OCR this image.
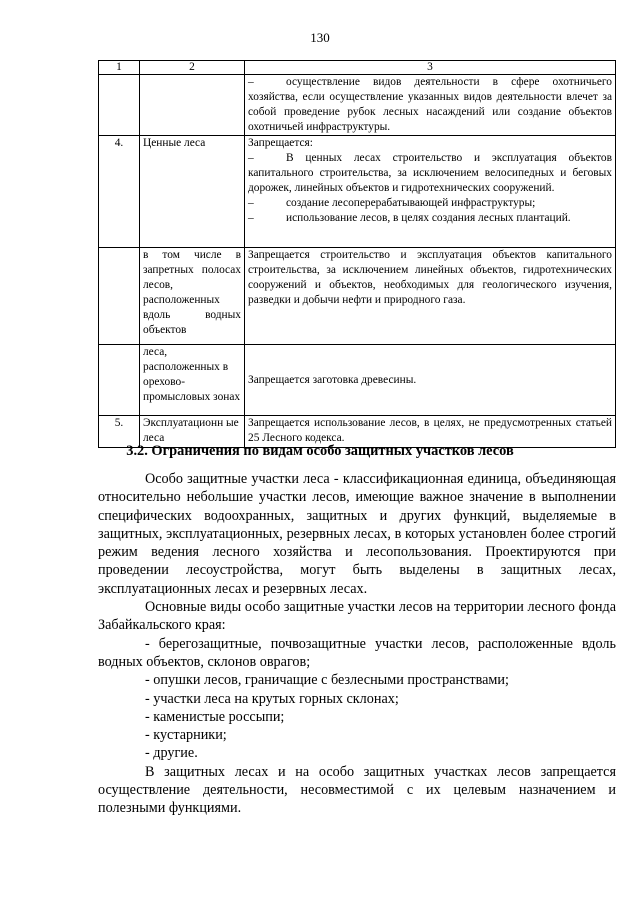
130
1	2	3
		– осуществление видов деятельности в сфере охотничьего хозяйства, если осуществление указанных видов деятельности влечет за собой проведение рубок лесных насаждений или создание объектов охотничьей инфраструктуры.
4.	Ценные леса	Запрещается:
– В ценных лесах строительство и эксплуатация объектов капитального строительства, за исключением велосипедных и беговых дорожек, линейных объектов и гидротехнических сооружений.
– создание лесоперерабатывающей инфраструктуры;
– использование лесов, в целях создания лесных плантаций.

	в том числе в запретных полосах лесов, расположенных вдоль водных объектов	Запрещается строительство и эксплуатация объектов капитального строительства, за исключением линейных объектов, гидротехнических сооружений и объектов, необходимых для геологического изучения, разведки и добычи нефти и природного газа.
	леса, расположенных в орехово-промысловых зонах	Запрещается заготовка древесины.
5.	Эксплуатационн ые леса	Запрещается использование лесов, в целях, не предусмотренных статьей 25 Лесного кодекса.
3.2. Ограничения по видам особо защитных участков лесов

Особо защитные участки леса - классификационная единица, объединяющая относительно небольшие участки лесов, имеющие важное значение в выполнении специфических водоохранных, защитных и других функций, выделяемые в защитных, эксплуатационных, резервных лесах, в которых установлен более строгий режим ведения лесного хозяйства и лесопользования. Проектируются при проведении лесоустройства, могут быть выделены в защитных лесах, эксплуатационных лесах и резервных лесах.

Основные виды особо защитные участки лесов на территории лесного фонда Забайкальского края:

- берегозащитные, почвозащитные участки лесов, расположенные вдоль водных объектов, склонов оврагов;

- опушки лесов, граничащие с безлесными пространствами;

- участки леса на крутых горных склонах;

- каменистые россыпи;

- кустарники;

- другие.

В защитных лесах и на особо защитных участках лесов запрещается осуществление деятельности, несовместимой с их целевым назначением и полезными функциями.
